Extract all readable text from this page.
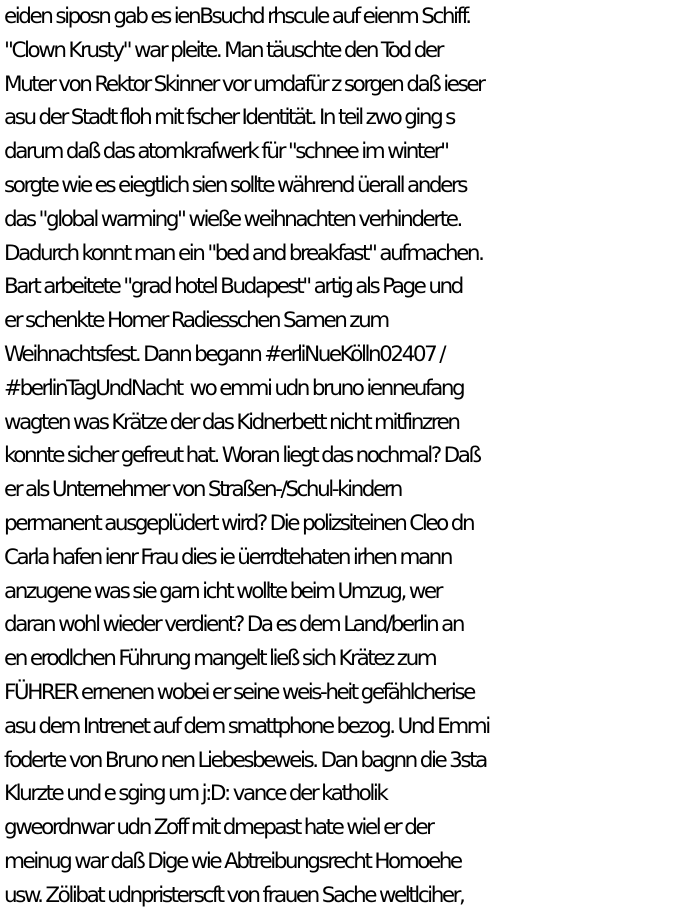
eiden siposn gab es ienBsuchd rhscule auf eienm Schiff.
"Clown Krusty" war pleite. Man täuschte den Tod der
Muter von Rektor Skinner vor umdafür z sorgen daß ieser
asu der Stadt floh mit fscher Identität. In teil zwo ging s
darum daß das atomkrafwerk für "schnee im winter"
sorgte wie es eiegtlich sien sollte während üerall anders
das "global warming" wieße weihnachten verhinderte.
Dadurch konnt man ein "bed and breakfast" aufmachen.
Bart arbeitete "grad hotel Budapest" artig als Page und
er schenkte Homer Radiesschen Samen zum
Weihnachtsfest. Dann begann #erliNueKölln02407 /
#berlinTagUndNacht  wo emmi udn bruno ienneufang
wagten was Krätze der das Kidnerbett nicht mitfinzren
konnte sicher gefreut hat. Woran liegt das nochmal? Daß
er als Unternehmer von Straßen-/Schul-kindern
permanent ausgeplüdert wird? Die polizsiteinen Cleo dn
Carla hafen ienr Frau dies ie üerrdtehaten irhen mann
anzugene was sie garn icht wollte beim Umzug, wer
daran wohl wieder verdient? Da es dem Land/berlin an
en erodlchen Führung mangelt ließ sich Krätez zum
FÜHRER ernenen wobei er seine weis-heit gefählcherise
asu dem Intrenet auf dem smattphone bezog. Und Emmi
foderte von Bruno nen Liebesbeweis. Dan bagnn die 3sta
Klurzte und e sging um j:D: vance der katholik
gweordnwar udn Zoff mit dmepast hate wiel er der
meinug war daß Dige wie Abtreibungsrecht Homoehe
usw. Zölibat udnpristerscft von frauen Sache weltlciher,
